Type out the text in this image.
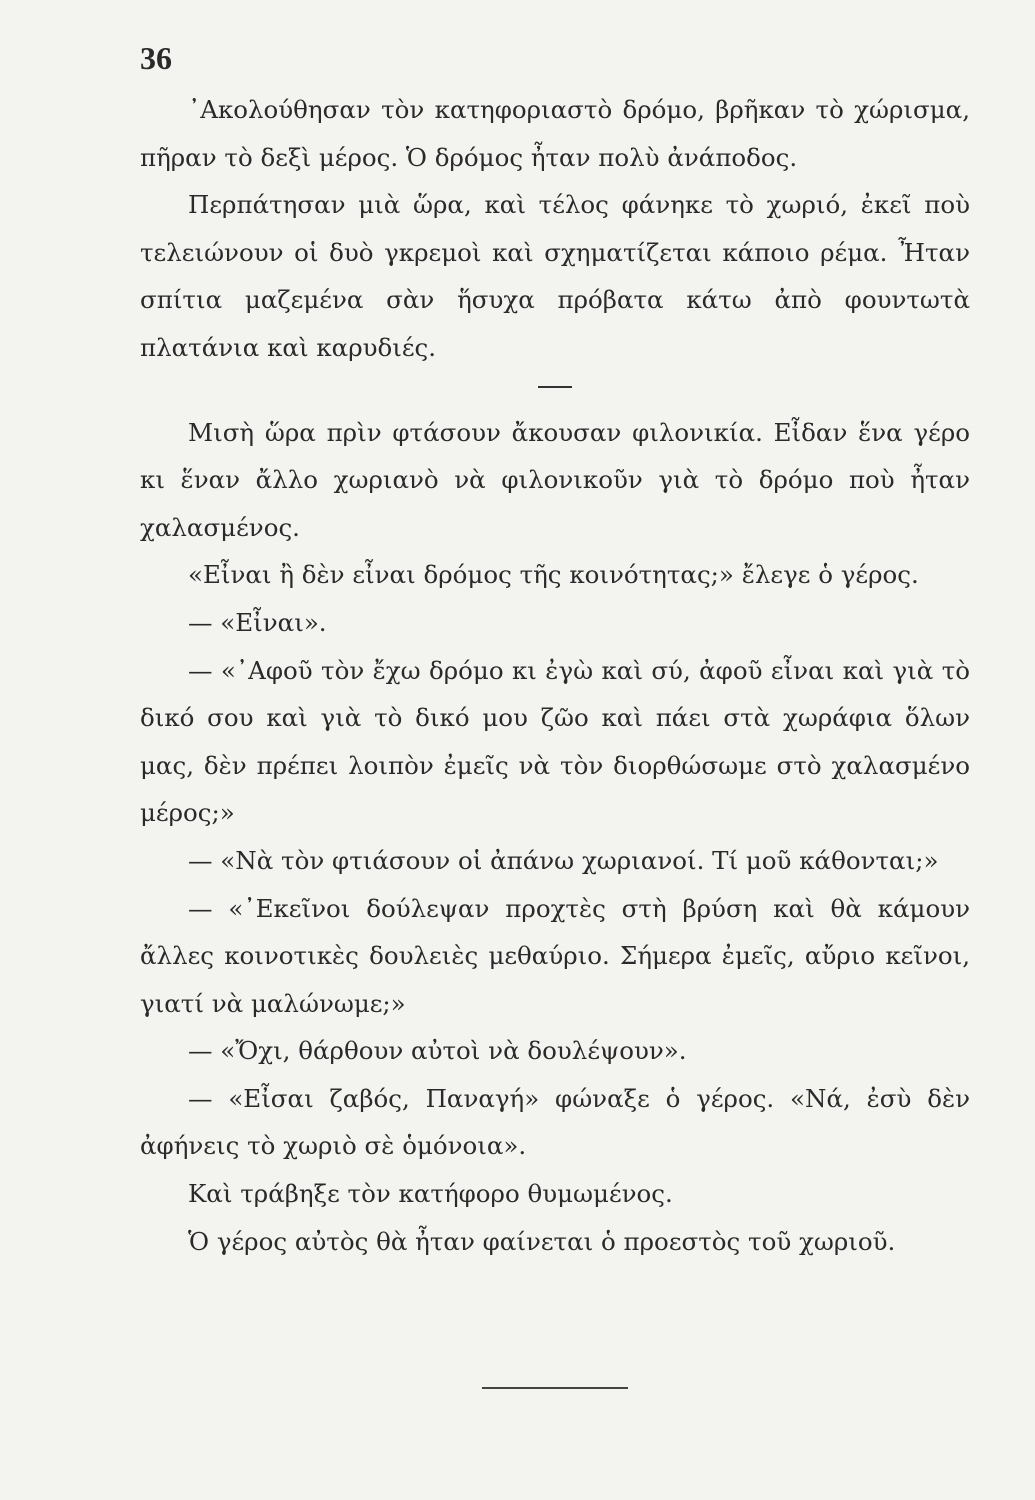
36

᾿Ακολούθησαν τὸν κατηφοριαστὸ δρόμο, βρῆκαν τὸ χώρισμα, πῆραν τὸ δεξὶ μέρος. Ὁ δρόμος ἦταν πολὺ ἀνάποδος.

Περπάτησαν μιὰ ὥρα, καὶ τέλος φάνηκε τὸ χωριό, ἐκεῖ ποὺ τελειώνουν οἱ δυὸ γκρεμοὶ καὶ σχηματίζεται κάποιο ρέμα. Ἦταν σπίτια μαζεμένα σὰν ἥσυχα πρόβατα κάτω ἀπὸ φουντωτὰ πλατάνια καὶ καρυδιές.

Μισὴ ὥρα πρὶν φτάσουν ἄκουσαν φιλονικία. Εἶδαν ἕνα γέρο κι ἕναν ἄλλο χωριανὸ νὰ φιλονικοῦν γιὰ τὸ δρόμο ποὺ ἦταν χαλασμένος.

«Εἶναι ἢ δὲν εἶναι δρόμος τῆς κοινότητας;» ἔλεγε ὁ γέρος.

— «Εἶναι».

— «᾿Αφοῦ τὸν ἔχω δρόμο κι ἐγὼ καὶ σύ, ἀφοῦ εἶναι καὶ γιὰ τὸ δικό σου καὶ γιὰ τὸ δικό μου ζῶο καὶ πάει στὰ χωράφια ὅλων μας, δὲν πρέπει λοιπὸν ἐμεῖς νὰ τὸν διορθώσωμε στὸ χαλασμένο μέρος;»

— «Νὰ τὸν φτιάσουν οἱ ἀπάνω χωριανοί. Τί μοῦ κάθονται;»

— «᾿Εκεῖνοι δούλεψαν προχτὲς στὴ βρύση καὶ θὰ κάμουν ἄλλες κοινοτικὲς δουλειὲς μεθαύριο. Σήμερα ἐμεῖς, αὔριο κεῖνοι, γιατί νὰ μαλώνωμε;»

— «Ὄχι, θάρθουν αὐτοὶ νὰ δουλέψουν».

— «Εἶσαι ζαβός, Παναγή» φώναξε ὁ γέρος. «Νά, ἐσὺ δὲν ἀφήνεις τὸ χωριὸ σὲ ὁμόνοια».

Καὶ τράβηξε τὸν κατήφορο θυμωμένος.

Ὁ γέρος αὐτὸς θὰ ἦταν φαίνεται ὁ προεστὸς τοῦ χωριοῦ.
